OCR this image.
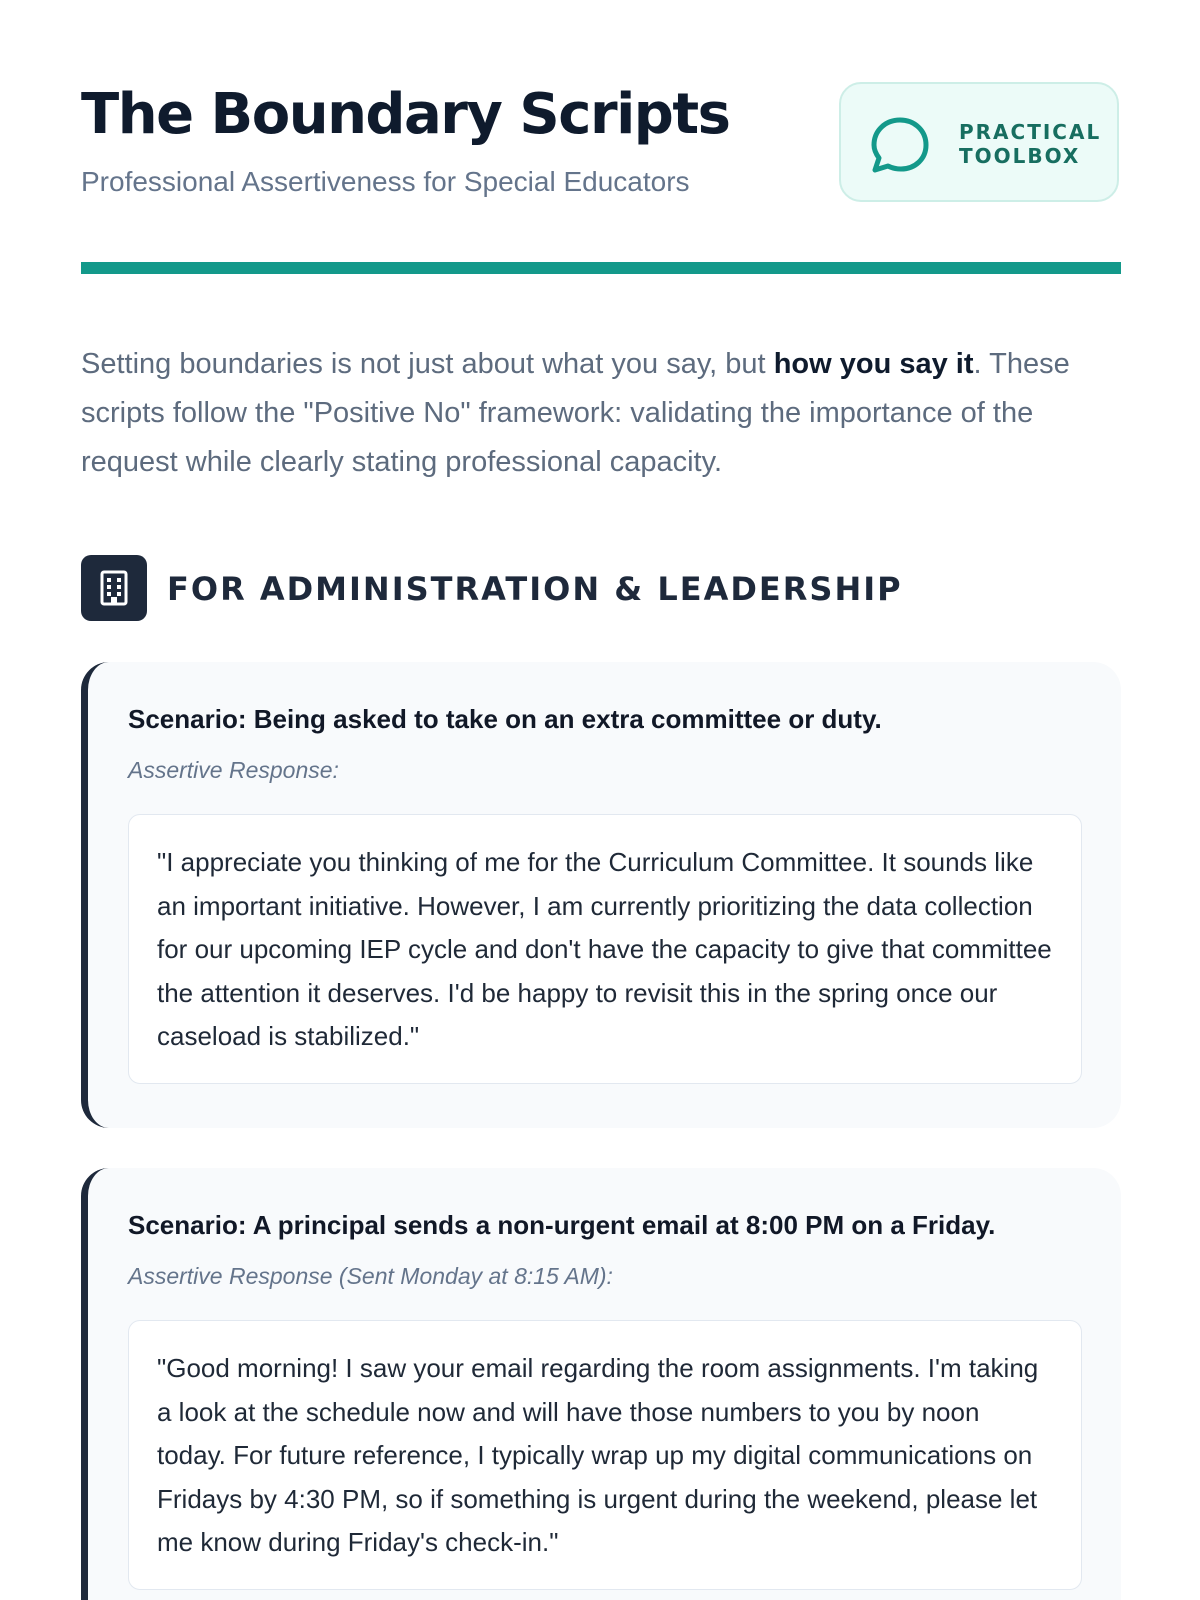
The Boundary Scripts

Professional Assertiveness for Special Educators

PRACTICAL
TOOLBOX

Setting boundaries is not just about what you say, but how you say it. These scripts follow the "Positive No" framework: validating the importance of the request while clearly stating professional capacity.

FOR ADMINISTRATION & LEADERSHIP

Scenario: Being asked to take on an extra committee or duty.

Assertive Response:

"I appreciate you thinking of me for the Curriculum Committee. It sounds like an important initiative. However, I am currently prioritizing the data collection for our upcoming IEP cycle and don't have the capacity to give that committee the attention it deserves. I'd be happy to revisit this in the spring once our caseload is stabilized."

Scenario: A principal sends a non-urgent email at 8:00 PM on a Friday.

Assertive Response (Sent Monday at 8:15 AM):

"Good morning! I saw your email regarding the room assignments. I'm taking a look at the schedule now and will have those numbers to you by noon today. For future reference, I typically wrap up my digital communications on Fridays by 4:30 PM, so if something is urgent during the weekend, please let me know during Friday's check-in."
